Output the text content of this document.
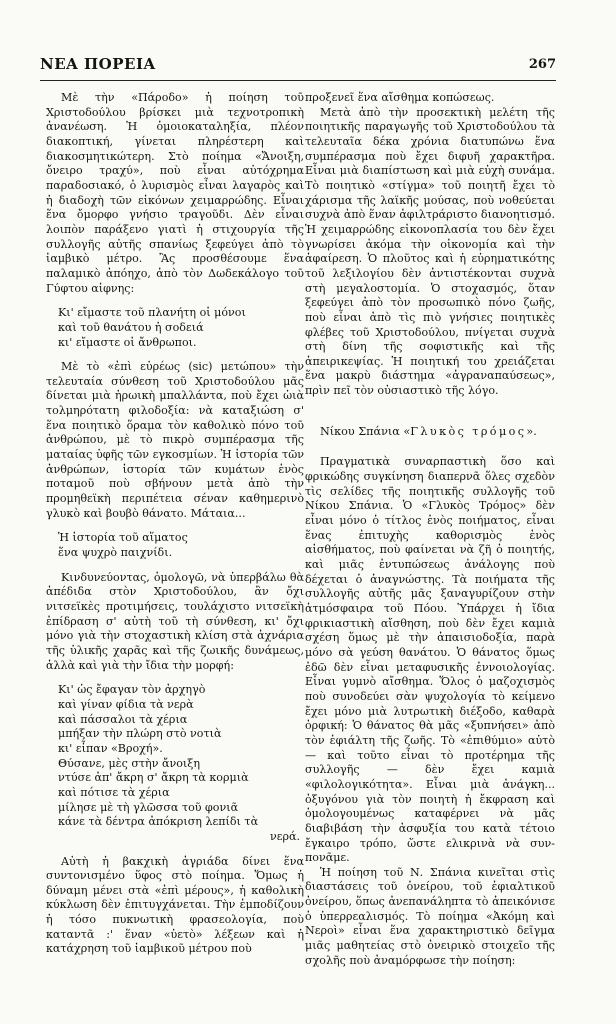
ΝΕΑ ΠΟΡΕΙΑ	267

Μὲ τὴν «Πάροδο» ἡ ποίηση τοῦ Χριστοδούλου βρίσκει μιὰ τεχνοτροπικὴ ἀνανέωση. Ἡ ὁμοιοκαταληξία, πλέον διακοπτική, γίνεται πληρέστερη καὶ διακοσμητικώτερη. Στὸ ποίημα «Ἄνοιξη, ὄνειρο τραχύ», ποὺ εἶναι αὐτόχρημα παραδοσιακό, ὁ λυρισμὸς εἶναι λαγαρὸς καὶ ἡ διαδοχὴ τῶν εἰκόνων χειμαρρώδης. Εἶναι ἕνα ὄμορφο γνήσιο τραγοῦδι. Δὲν εἶναι λοιπὸν παράξενο γιατὶ ἡ στιχουργία τῆς συλλογῆς αὐτῆς σπανίως ξεφεύγει ἀπὸ τὸ ἰαμβικὸ μέτρο. Ἂς προσθέσουμε ἕνα παλαμικὸ ἀπόηχο, ἀπὸ τὸν Δωδεκάλογο τοῦ Γύφτου αἰφνης:

Κι' εἴμαστε τοῦ πλανήτη οἱ μόνοι
καὶ τοῦ θανάτου ἡ σοδειά
κι' εἴμαστε οἱ ἄνθρωποι.

Μὲ τὸ «ἐπὶ εὐρέως (sic) μετώπου» τὴν τελευταία σύνθεση τοῦ Χριστοδούλου μᾶς δίνεται μιὰ ἡρωικὴ μπαλλάντα, ποὺ ἔχει ὡιὰ τολμηρότατη φιλοδοξία: νὰ καταξιώση σ' ἕνα ποιητικὸ ὅραμα τὸν καθολικὸ πόνο τοῦ ἀνθρώπου, μὲ τὸ πικρὸ συμπέρασμα τῆς ματαίας ὑφῆς τῶν εγκοσμίων. Ἡ ἱστορία τῶν ἀνθρώπων, ἱστορία τῶν κυμάτων ἑνὸς ποταμοῦ ποὺ σβήνουν μετὰ ἀπὸ τὴν προμηθεϊκὴ περιπέτεια σέναν καθημερινὸ γλυκὸ καὶ βουβὸ θάνατο. Μάταια...

Ἡ ἱστορία τοῦ αἵματος
ἕνα ψυχρὸ παιχνίδι.

Κινδυνεύοντας, ὁμολογῶ, νὰ ὑπερβάλω θὰ ἀπέδιδα στὸν Χριστοδούλου, ἂν ὄχι νιτσεϊκὲς προτιμήσεις, τουλάχιστο νιτσεϊκὴ ἐπίδραση σ' αὐτὴ τοῦ τὴ σύνθεση, κι' ὄχι μόνο γιὰ τὴν στοχαστικὴ κλίση στὰ ἀχνάρια τῆς ὑλικῆς χαρᾶς καὶ τῆς ζωικῆς δυνάμεως, ἀλλὰ καὶ γιὰ τὴν ἴδια τὴν μορφή:

Κι' ὡς ἔφαγαν τὸν ἀρχηγὸ
καὶ γίναν φίδια τὰ νερὰ
καὶ πάσσαλοι τὰ χέρια
μπήξαν τὴν πλώρη στὸ νοτιὰ
κι' εἶπαν «Βροχή».
Θύσανε, μὲς στὴν ἄνοιξη
ντύσε ἀπ' ἄκρη σ' ἄκρη τὰ κορμιὰ
καὶ πότισε τὰ χέρια
μίλησε μὲ τὴ γλῶσσα τοῦ φονιᾶ
κάνε τὰ δέντρα ἀπόκριση λεπίδι τὰ
νερά.

Αὐτὴ ἡ βακχικὴ ἀγριάδα δίνει ἕνα συντονισμένο ὕφος στὸ ποίημα. Ὅμως ἡ δύναμη μένει στὰ «ἐπὶ μέρους», ἡ καθολικὴ κύκλωση δὲν ἐπιτυγχάνεται. Τὴν ἐμποδίζουν ἡ τόσο πυκνωτικὴ φρασεολογία, ποὺ καταντᾶ :' ἕναν «ὑετὸ» λέξεων καὶ ἡ κατάχρηση τοῦ ἰαμβικοῦ μέτρου ποὺ

προξενεῖ ἕνα αἴσθημα κοπώσεως.

Μετὰ ἀπὸ τὴν προσεκτικὴ μελέτη τῆς ποιητικῆς παραγωγῆς τοῦ Χριστοδούλου τὰ τελευταῖα δέκα χρόνια διατυπώνω ἕνα συμπέρασμα ποὺ ἔχει διφυῆ χαρακτῆρα. Εἶναι μιὰ διαπίστωση καὶ μιὰ εὐχὴ συνάμα. Τὸ ποιητικὸ «στίγμα» τοῦ ποιητῆ ἔχει τὸ χάρισμα τῆς λαϊκῆς μούσας, ποὺ νοθεύεται συχνὰ ἀπὸ ἕναν ἀφιλτράριστο διανοητισμό. Ἡ χειμαρρώδης εἰκονοπλασία του δὲν ἔχει γνωρίσει ἀκόμα τὴν οἰκονομία καὶ τὴν ἀφαίρεση. Ὁ πλοῦτος καὶ ἡ εὐρηματικότης τοῦ λεξιλογίου δὲν ἀντιστέκονται συχνὰ στὴ μεγαλοστομία. Ὁ στοχασμός, ὅταν ξεφεύγει ἀπὸ τὸν προσωπικὸ πόνο ζωῆς, ποὺ εἶναι ἀπὸ τὶς πιὸ γνήσιες ποιητικὲς φλέβες τοῦ Χριστοδούλου, πνίγεται συχνὰ στὴ δίνη τῆς σοφιστικῆς καὶ τῆς ἀπειρικεψίας. Ἡ ποιητική του χρειάζεται ἕνα μακρὺ διάστημα «ἀγραναπαύσεως», πρὶν πεῖ τὸν οὐσιαστικὸ τῆς λόγο.

Νίκου Σπάνια «Γλυκὸς τρόμος».

Πραγματικὰ συναρπαστικὴ ὅσο καὶ φρικώδης συγκίνηση διαπερνᾶ ὅλες σχεδὸν τὶς σελίδες τῆς ποιητικῆς συλλογῆς τοῦ Νίκου Σπάνια. Ὁ «Γλυκὸς Τρόμος» δὲν εἶναι μόνο ὁ τίτλος ἑνὸς ποιήματος, εἶναι ἕνας ἐπιτυχὴς καθορισμὸς ἑνὸς αἰσθήματος, ποὺ φαίνεται νὰ ζῆ ὁ ποιητής, καὶ μιᾶς ἐντυπώσεως ἀνάλογης ποὺ δέχεται ὁ ἀναγνώστης. Τὰ ποιήματα τῆς συλλογῆς αὐτῆς μᾶς ξαναγυρίζουν στὴν ἀτμόσφαιρα τοῦ Πόου. Ὑπάρχει ἡ ἴδια φρικιαστικὴ αἴσθηση, ποὺ δὲν ἔχει καμιὰ σχέση ὅμως μὲ τὴν ἀπαισιοδοξία, παρὰ μόνο σὰ γεύση θανάτου. Ὁ θάνατος ὅμως ἐδῶ δὲν εἶναι μεταφυσικῆς ἐννοιολογίας. Εἶναι γυμνὸ αἴσθημα. Ὅλος ὁ μαζοχισμὸς ποὺ συνοδεύει σὰν ψυχολογία τὸ κείμενο ἔχει μόνο μιὰ λυτρωτικὴ διέξοδο, καθαρὰ ὀρφική: Ὁ θάνατος θὰ μᾶς «ξυπνήσει» ἀπὸ τὸν ἐφιάλτη τῆς ζωῆς. Τὸ «ἐπιθύμιο» αὐτὸ — καὶ τοῦτο εἶναι τὸ προτέρημα τῆς συλλογῆς — δὲν ἔχει καμιὰ «φιλολογικότητα». Εἶναι μιὰ ἀνάγκη... ὀξυγόνου γιὰ τὸν ποιητὴ ἡ ἔκφραση καὶ ὁμολογουμένως καταφέρνει νὰ μᾶς διαβιβάση τὴν ἀσφυξία του κατὰ τέτοιο ἔγκαιρο τρόπο, ὥστε ελικρινὰ νὰ συν-πονᾶμε.

Ἡ ποίηση τοῦ Ν. Σπάνια κινεῖται στὶς διαστάσεις τοῦ ὀνείρου, τοῦ ἐφιαλτικοῦ ὀνείρου, ὅπως ἀνεπανάληπτα τὸ ἀπεικόνισε ὁ ὑπερρεαλισμός. Τὸ ποίημα «Ἀκόμη καὶ Νεροὶ» εἶναι ἕνα χαρακτηριστικὸ δεῖγμα μιᾶς μαθητείας στὸ ὀνειρικὸ στοιχεῖο τῆς σχολῆς ποὺ ἀναμόρφωσε τὴν ποίηση:
